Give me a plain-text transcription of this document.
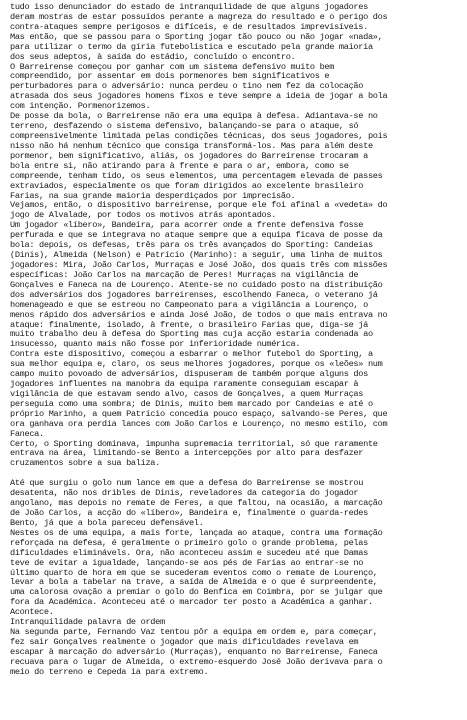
tudo isso denunciador do estado de intranquilidade de que alguns jogadores
deram mostras de estar possuídos perante a magreza do resultado e o perigo dos
contra-ataques sempre perigosos e difíceis, e de resultados imprevisíveis.
Mas então, que se passou para o Sporting jogar tão pouco ou não jogar «nada»,
para utilizar o termo da gíria futebolística e escutado pela grande maioria
dos seus adeptos, à saída do estádio, concluído o encontro.
O Barreirense começou por ganhar com um sistema defensivo muito bem
compreendido, por assentar em dois pormenores bem significativos e
perturbadores para o adversário: nunca perdeu o tino nem fez da colocação
atrasada dos seus jogadores homens fixos e teve sempre a ideia de jogar a bola
com intenção. Pormenorizemos.
De posse da bola, o Barreirense não era uma equipa à defesa. Adiantava-se no
terreno, desfazendo o sistema defensivo, balançando-se para o ataque, só
compreensivelmente limitada pelas condições técnicas, dos seus jogadores, pois
nisso não há nenhum técnico que consiga transformá-los. Mas para além deste
pormenor, bem significativo, aliás, os jogadores do Barreirense trocaram a
bola entre si, não atirando para à frente e para o ar, embora, como se
compreende, tenham tido, os seus elementos, uma percentagem elevada de passes
extraviados, especialmente os que foram dirigidos ao excelente brasileiro
Farias, na sua grande maioria desperdiçados por imprecisão.
Vejamos, então, o dispositivo barreirense, porque ele foi afinal a «vedeta» do
jogo de Alvalade, por todos os motivos atrás apontados.
Um jogador «líbero», Bandeira, para acorrer onde a frente defensiva fosse
perfurada e que se integrava no ataque sempre que a equipa ficava de posse da
bola: depois, os defesas, três para os três avançados do Sporting: Candeias
(Dinis), Almeida (Nelson) e Patrício (Marinho): a seguir, uma linha de muitos
jogadores: Mira, João Carlos, Murraças e José João, dos quais três com missões
específicas: João Carlos na marcação de Peres! Murraças na vigilância de
Gonçalves e Faneca na de Lourenço. Atente-se no cuidado posto na distribuição
dos adversários dos jogadores barreirenses, escolhendo Faneca, o veterano já
homenageado e que se estreou no Campeonato para a vigilância a Lourenço, o
menos rápido dos adversários e ainda José João, de todos o que mais entrava no
ataque: finalmente, isolado, à frente, o brasileiro Farias que, diga-se já
muito trabalho deu à defesa do Sporting mas cuja acção estaria condenada ao
insucesso, quanto mais não fosse por inferioridade numérica.
Contra este dispositivo, começou a esbarrar o melhor futebol do Sporting, a
sua melhor equipa e, claro, os seus melhores jogadores, porque os «leões» num
campo muito povoado de adversários, dispuseram de também porque alguns dos
jogadores influentes na manobra da equipa raramente conseguiam escapar à
vigilância de que estavam sendo alvo, casos de Gonçalves, a quem Murraças
perseguia como uma sombra; de Dinis, muito bem marcado por Candeias e até o
próprio Marinho, a quem Patrício concedia pouco espaço, salvando-se Peres, que
ora ganhava ora perdia lances com João Carlos e Lourenço, no mesmo estilo, com
Faneca.
Certo, o Sporting dominava, impunha supremacia territorial, só que raramente
entrava na área, limitando-se Bento a intercepções por alto para desfazer
cruzamentos sobre a sua baliza.
Até que surgiu o golo num lance em que a defesa do Barreirense se mostrou
desatenta, não nos dribles de Dinis, reveladores da categoria do jogador
angolano, mas depois no remate de Feres, a que faltou, na ocasião, a marcação
de João Carlos, a acção do «líbero», Bandeira e, finalmente o guarda-redes
Bento, já que a bola pareceu defensável.
Nestes os de uma equipa, a mais forte, lançada ao ataque, contra uma formação
reforçada na defesa, é geralmente o primeiro golo o grande problema, pelas
dificuldades eliminávels. Ora, não aconteceu assim e sucedeu até que Damas
teve de evitar a igualdade, lançando-se aos pés de Farias ao entrar-se no
último quarto de hora em que se sucederam eventos como o remate de Lourenço,
levar a bola a tabelar na trave, a saída de Almeida e o que é surpreendente,
uma calorosa ovação a premiar o golo do Benfica em Coimbra, por se julgar que
fora da Académica. Aconteceu até o marcador ter posto a Académica a ganhar.
Acontece.
Intranquilidade palavra de ordem
Na segunda parte, Fernando Vaz tentou pôr a equipa em ordem e, para começar,
fez sair Gonçalves realmente o jogador que mais dificuldades revelava em
escapar à marcação do adversário (Murraças), enquanto no Barreirense, Faneca
recuava para o lugar de Almeida, o extremo-esquerdo José João derivava para o
meio do terreno e Cepeda ia para extremo.
